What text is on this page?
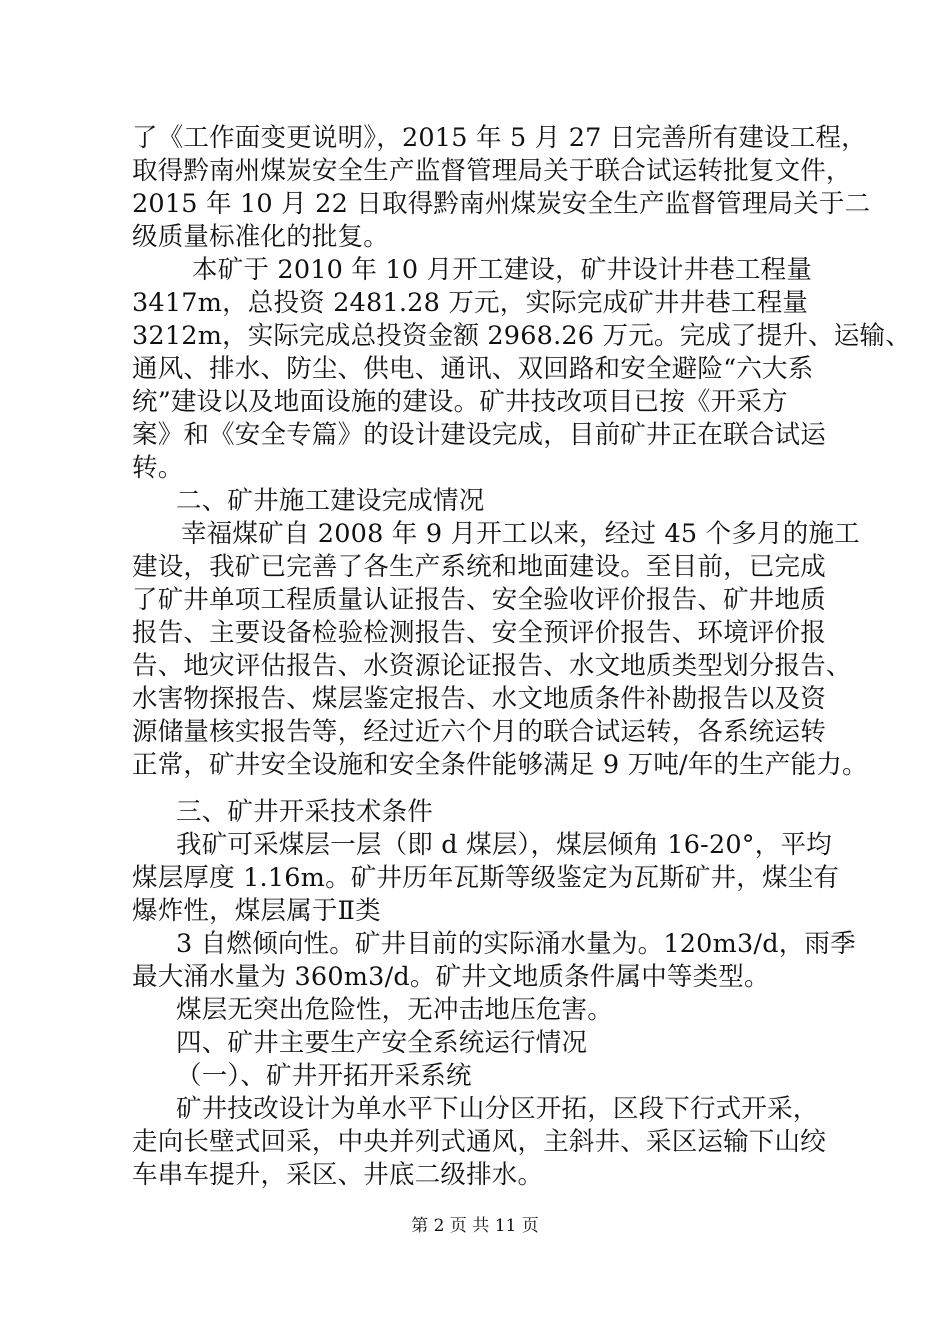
了《工作面变更说明》，2015 年 5 月 27 日完善所有建设工程，
取得黔南州煤炭安全生产监督管理局关于联合试运转批复文件，
2015 年 10 月 22 日取得黔南州煤炭安全生产监督管理局关于二
级质量标准化的批复。
本矿于 2010 年 10 月开工建设，矿井设计井巷工程量
3417m，总投资 2481.28 万元，实际完成矿井井巷工程量
3212m，实际完成总投资金额 2968.26 万元。完成了提升、运输、
通风、排水、防尘、供电、通讯、双回路和安全避险“六大系
统”建设以及地面设施的建设。矿井技改项目已按《开采方
案》和《安全专篇》的设计建设完成，目前矿井正在联合试运
转。
二、矿井施工建设完成情况
幸福煤矿自 2008 年 9 月开工以来，经过 45 个多月的施工
建设，我矿已完善了各生产系统和地面建设。至目前，已完成
了矿井单项工程质量认证报告、安全验收评价报告、矿井地质
报告、主要设备检验检测报告、安全预评价报告、环境评价报
告、地灾评估报告、水资源论证报告、水文地质类型划分报告、
水害物探报告、煤层鉴定报告、水文地质条件补勘报告以及资
源储量核实报告等，经过近六个月的联合试运转，各系统运转
正常，矿井安全设施和安全条件能够满足 9 万吨/年的生产能力。
三、矿井开采技术条件
我矿可采煤层一层（即 d 煤层），煤层倾角 16-20°，平均
煤层厚度 1.16m。矿井历年瓦斯等级鉴定为瓦斯矿井，煤尘有
爆炸性，煤层属于Ⅱ类
3 自燃倾向性。矿井目前的实际涌水量为。120m3/d，雨季
最大涌水量为 360m3/d。矿井文地质条件属中等类型。
煤层无突出危险性，无冲击地压危害。
四、矿井主要生产安全系统运行情况
（一）、矿井开拓开采系统
矿井技改设计为单水平下山分区开拓，区段下行式开采，
走向长壁式回采，中央并列式通风，主斜井、采区运输下山绞
第 2 页 共 11 页
车串车提升，采区、井底二级排水。
